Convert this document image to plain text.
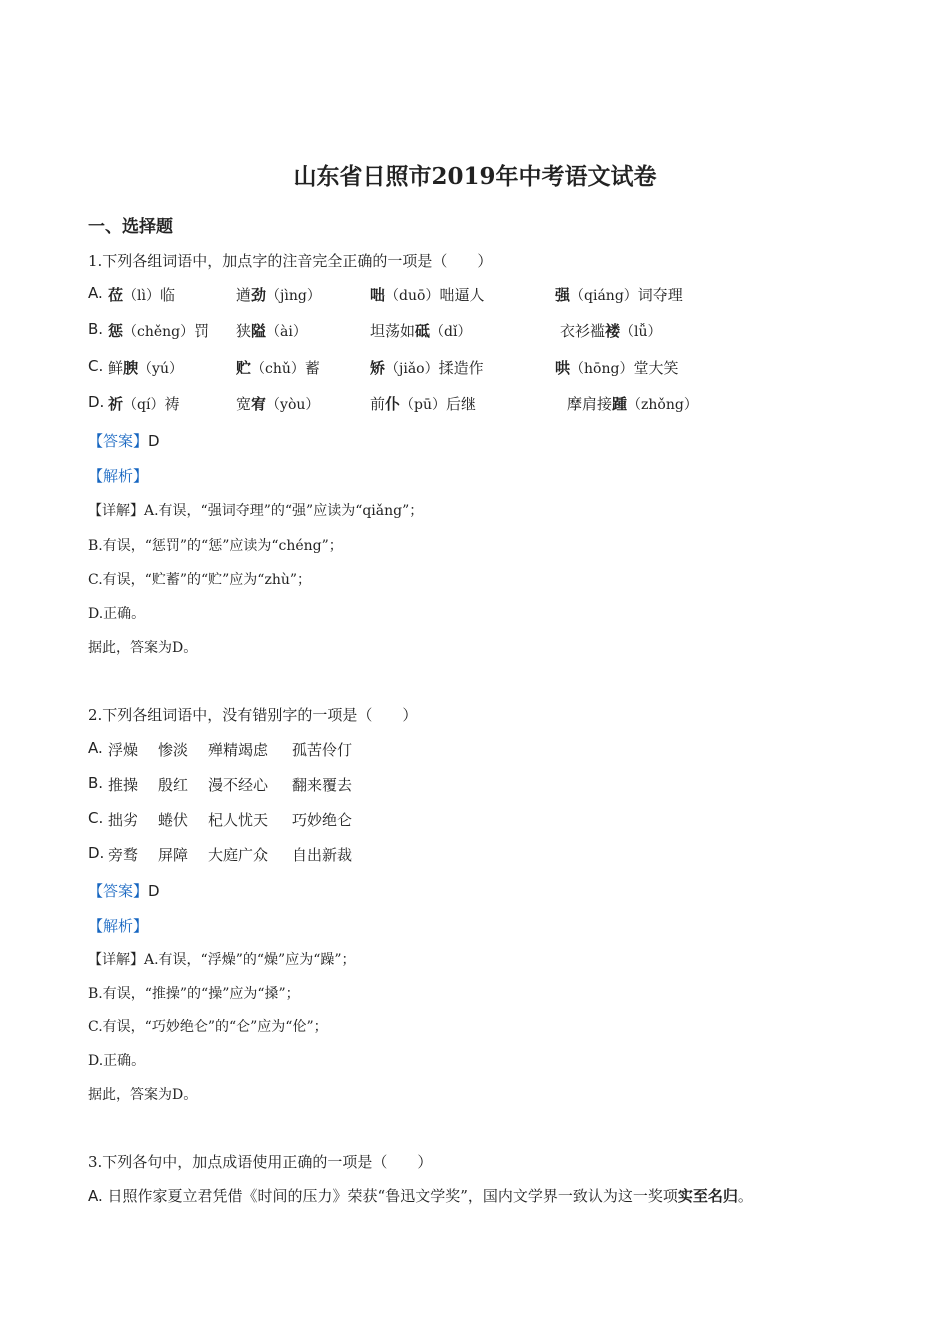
山东省日照市2019年中考语文试卷
一、选择题
1.下列各组词语中，加点字的注音完全正确的一项是（　　）
A. 莅（lì）临	遒劲（jìng）	咄（duō）咄逼人	强（qiáng）词夺理
B. 惩（chěng）罚 狭隘（ài）	坦荡如砥（dǐ）	衣衫褴褛（lǚ）
C. 鲜腴（yú）	贮（chǔ）蓄	矫（jiǎo）揉造作	哄（hōng）堂大笑
D. 祈（qí）祷	宽宥（yòu）	前仆（pū）后继	摩肩接踵（zhǒng）
【答案】D
【解析】
【详解】A.有误，“强词夺理”的“强”应读为“qiǎng”；
B.有误，“惩罚”的“惩”应读为“chéng”；
C.有误，“贮蓄”的“贮”应为“zhù”；
D.正确。
据此，答案为D。
2.下列各组词语中，没有错别字的一项是（　　）
A. 浮燥 惨淡 殚精竭虑 孤苦伶仃
B. 推操 殷红 漫不经心 翻来覆去
C. 拙劣 蜷伏 杞人忧天 巧妙绝仑
D. 旁骛 屏障 大庭广众 自出新裁
【答案】D
【解析】
【详解】A.有误，“浮燥”的“燥”应为“躁”；
B.有误，“推操”的“操”应为“搡”；
C.有误，“巧妙绝仑”的“仑”应为“伦”；
D.正确。
据此，答案为D。
3.下列各句中，加点成语使用正确的一项是（　　）
A. 日照作家夏立君凭借《时间的压力》荣获“鲁迅文学奖”，国内文学界一致认为这一奖项实至名归。
